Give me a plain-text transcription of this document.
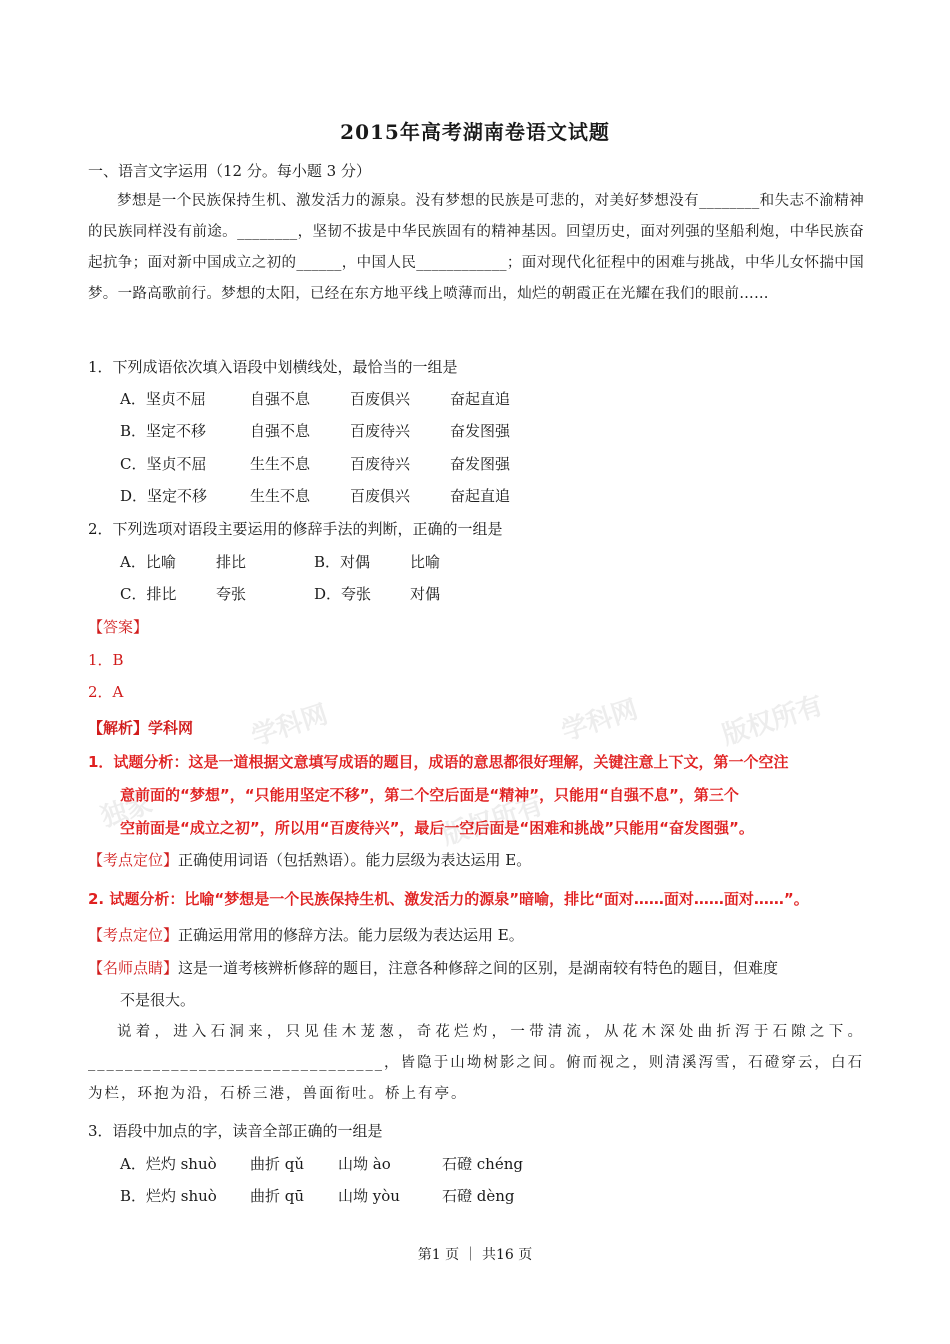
学科网	学科网	版权所有
独家	版权所有
2015年高考湖南卷语文试题
一、语言文字运用（12 分。每小题 3 分）
梦想是一个民族保持生机、激发活力的源泉。没有梦想的民族是可悲的，对美好梦想没有________和失志不渝精神的民族同样没有前途。________，坚韧不拔是中华民族固有的精神基因。回望历史，面对列强的坚船利炮，中华民族奋起抗争；面对新中国成立之初的______，中国人民____________；面对现代化征程中的困难与挑战，中华儿女怀揣中国梦。一路高歌前行。梦想的太阳，已经在东方地平线上喷薄而出，灿烂的朝霞正在光耀在我们的眼前……
1．下列成语依次填入语段中划横线处，最恰当的一组是
A．坚贞不屈	自强不息	百废俱兴	奋起直追
B．坚定不移	自强不息	百废待兴	奋发图强
C．坚贞不屈	生生不息	百废待兴	奋发图强
D．坚定不移	生生不息	百废俱兴	奋起直追
2．下列选项对语段主要运用的修辞手法的判断，正确的一组是
A．比喻	排比	B．对偶	比喻
C．排比	夸张	D．夸张	对偶
【答案】
1．B
2．A
【解析】学科网
1．试题分析：这是一道根据文意填写成语的题目，成语的意思都很好理解，关键注意上下文，第一个空注
意前面的“梦想”，“只能用坚定不移”，第二个空后面是“精神”，只能用“自强不息”，第三个
空前面是“成立之初”，所以用“百废待兴”，最后一空后面是“困难和挑战”只能用“奋发图强”。
【考点定位】正确使用词语（包括熟语）。能力层级为表达运用 E。
2. 试题分析：比喻“梦想是一个民族保持生机、激发活力的源泉”暗喻，排比“面对……面对……面对……”。
【考点定位】正确运用常用的修辞方法。能力层级为表达运用 E。
【名师点睛】这是一道考核辨析修辞的题目，注意各种修辞之间的区别，是湖南较有特色的题目，但难度
不是很大。
说着，进入石洞来，只见佳木茏葱，奇花烂灼，一带清流，从花木深处曲折泻于石隙之下。________________________________，皆隐于山坳树影之间。俯而视之，则清溪泻雪，石磴穿云，白石为栏，环抱为沿，石桥三港，兽面衔吐。桥上有亭。
3．语段中加点的字，读音全部正确的一组是
A．烂灼 shuò 曲折 qǔ 山坳 ào	石磴 chéng
B．烂灼 shuò 曲折 qū 山坳 yòu	石磴 dèng
第1 页 ｜ 共16 页
